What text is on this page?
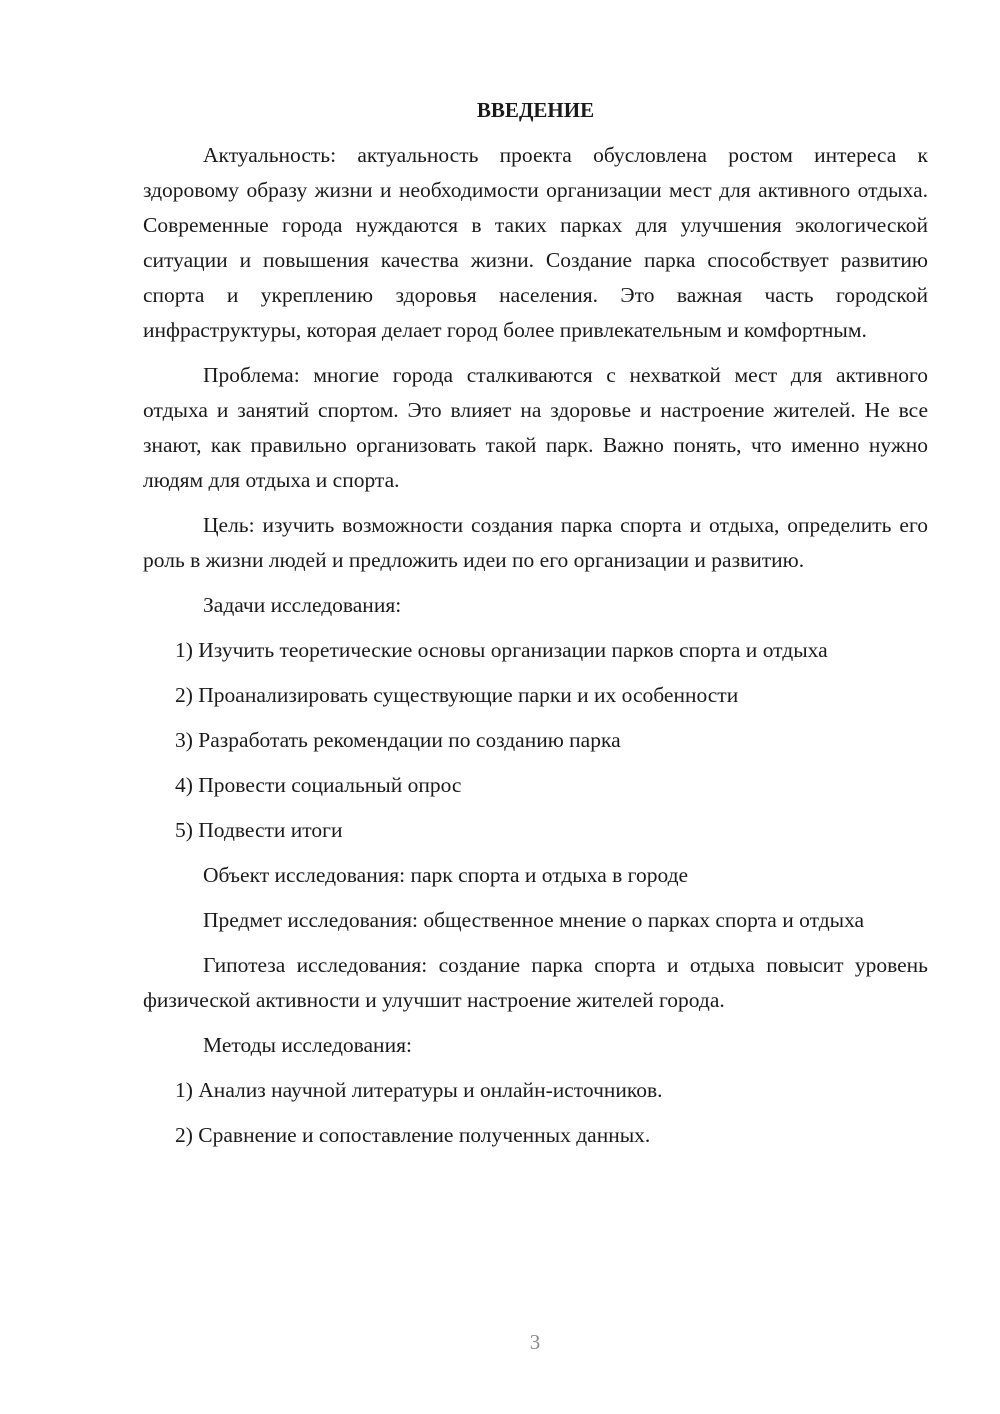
ВВЕДЕНИЕ

Актуальность: актуальность проекта обусловлена ростом интереса к здоровому образу жизни и необходимости организации мест для активного отдыха. Современные города нуждаются в таких парках для улучшения экологической ситуации и повышения качества жизни. Создание парка способствует развитию спорта и укреплению здоровья населения. Это важная часть городской инфраструктуры, которая делает город более привлекательным и комфортным.

Проблема: многие города сталкиваются с нехваткой мест для активного отдыха и занятий спортом. Это влияет на здоровье и настроение жителей. Не все знают, как правильно организовать такой парк. Важно понять, что именно нужно людям для отдыха и спорта.

Цель: изучить возможности создания парка спорта и отдыха, определить его роль в жизни людей и предложить идеи по его организации и развитию.

Задачи исследования:

1) Изучить теоретические основы организации парков спорта и отдыха

2) Проанализировать существующие парки и их особенности

3) Разработать рекомендации по созданию парка

4) Провести социальный опрос

5) Подвести итоги

Объект исследования: парк спорта и отдыха в городе

Предмет исследования: общественное мнение о парках спорта и отдыха

Гипотеза исследования: создание парка спорта и отдыха повысит уровень физической активности и улучшит настроение жителей города.

Методы исследования:

1) Анализ научной литературы и онлайн-источников.

2) Сравнение и сопоставление полученных данных.

3
